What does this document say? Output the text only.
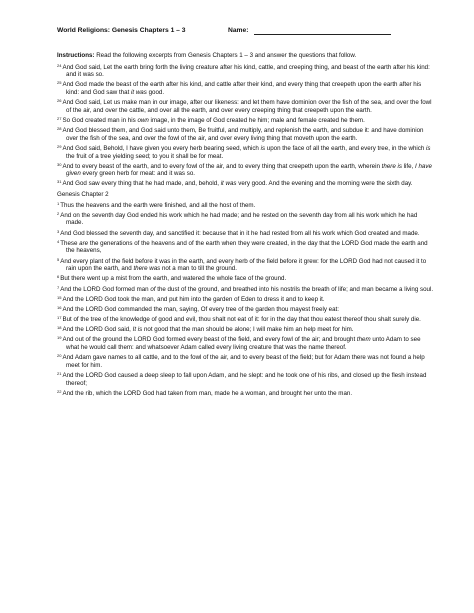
World Religions: Genesis Chapters 1 – 3	Name:
Instructions: Read the following excerpts from Genesis Chapters 1 – 3 and answer the questions that follow.
$^{24}$And God said, Let the earth bring forth the living creature after his kind, cattle, and creeping thing, and beast of the earth after his kind: and it was so.
$^{25}$And God made the beast of the earth after his kind, and cattle after their kind, and every thing that creepeth upon the earth after his kind: and God saw that it was good.
$^{26}$And God said, Let us make man in our image, after our likeness: and let them have dominion over the fish of the sea, and over the fowl of the air, and over the cattle, and over all the earth, and over every creeping thing that creepeth upon the earth.
$^{27}$So God created man in his own image, in the image of God created he him; male and female created he them.
$^{28}$And God blessed them, and God said unto them, Be fruitful, and multiply, and replenish the earth, and subdue it: and have dominion over the fish of the sea, and over the fowl of the air, and over every living thing that moveth upon the earth.
$^{29}$And God said, Behold, I have given you every herb bearing seed, which is upon the face of all the earth, and every tree, in the which is the fruit of a tree yielding seed; to you it shall be for meat.
$^{30}$And to every beast of the earth, and to every fowl of the air, and to every thing that creepeth upon the earth, wherein there is life, I have given every green herb for meat: and it was so.
$^{31}$And God saw every thing that he had made, and, behold, it was very good. And the evening and the morning were the sixth day.
Genesis Chapter 2
$^1$Thus the heavens and the earth were finished, and all the host of them.
$^2$And on the seventh day God ended his work which he had made; and he rested on the seventh day from all his work which he had made.
$^3$And God blessed the seventh day, and sanctified it: because that in it he had rested from all his work which God created and made.
$^4$These are the generations of the heavens and of the earth when they were created, in the day that the LORD God made the earth and the heavens,
$^5$And every plant of the field before it was in the earth, and every herb of the field before it grew: for the LORD God had not caused it to rain upon the earth, and there was not a man to till the ground.
$^6$But there went up a mist from the earth, and watered the whole face of the ground.
$^7$And the LORD God formed man of the dust of the ground, and breathed into his nostrils the breath of life; and man became a living soul.
$^{15}$And the LORD God took the man, and put him into the garden of Eden to dress it and to keep it.
$^{16}$And the LORD God commanded the man, saying, Of every tree of the garden thou mayest freely eat:
$^{17}$But of the tree of the knowledge of good and evil, thou shalt not eat of it: for in the day that thou eatest thereof thou shalt surely die.
$^{18}$And the LORD God said, It is not good that the man should be alone; I will make him an help meet for him.
$^{19}$And out of the ground the LORD God formed every beast of the field, and every fowl of the air; and brought them unto Adam to see what he would call them: and whatsoever Adam called every living creature that was the name thereof.
$^{20}$And Adam gave names to all cattle, and to the fowl of the air, and to every beast of the field; but for Adam there was not found a help meet for him.
$^{21}$And the LORD God caused a deep sleep to fall upon Adam, and he slept: and he took one of his ribs, and closed up the flesh instead thereof;
$^{22}$And the rib, which the LORD God had taken from man, made he a woman, and brought her unto the man.
